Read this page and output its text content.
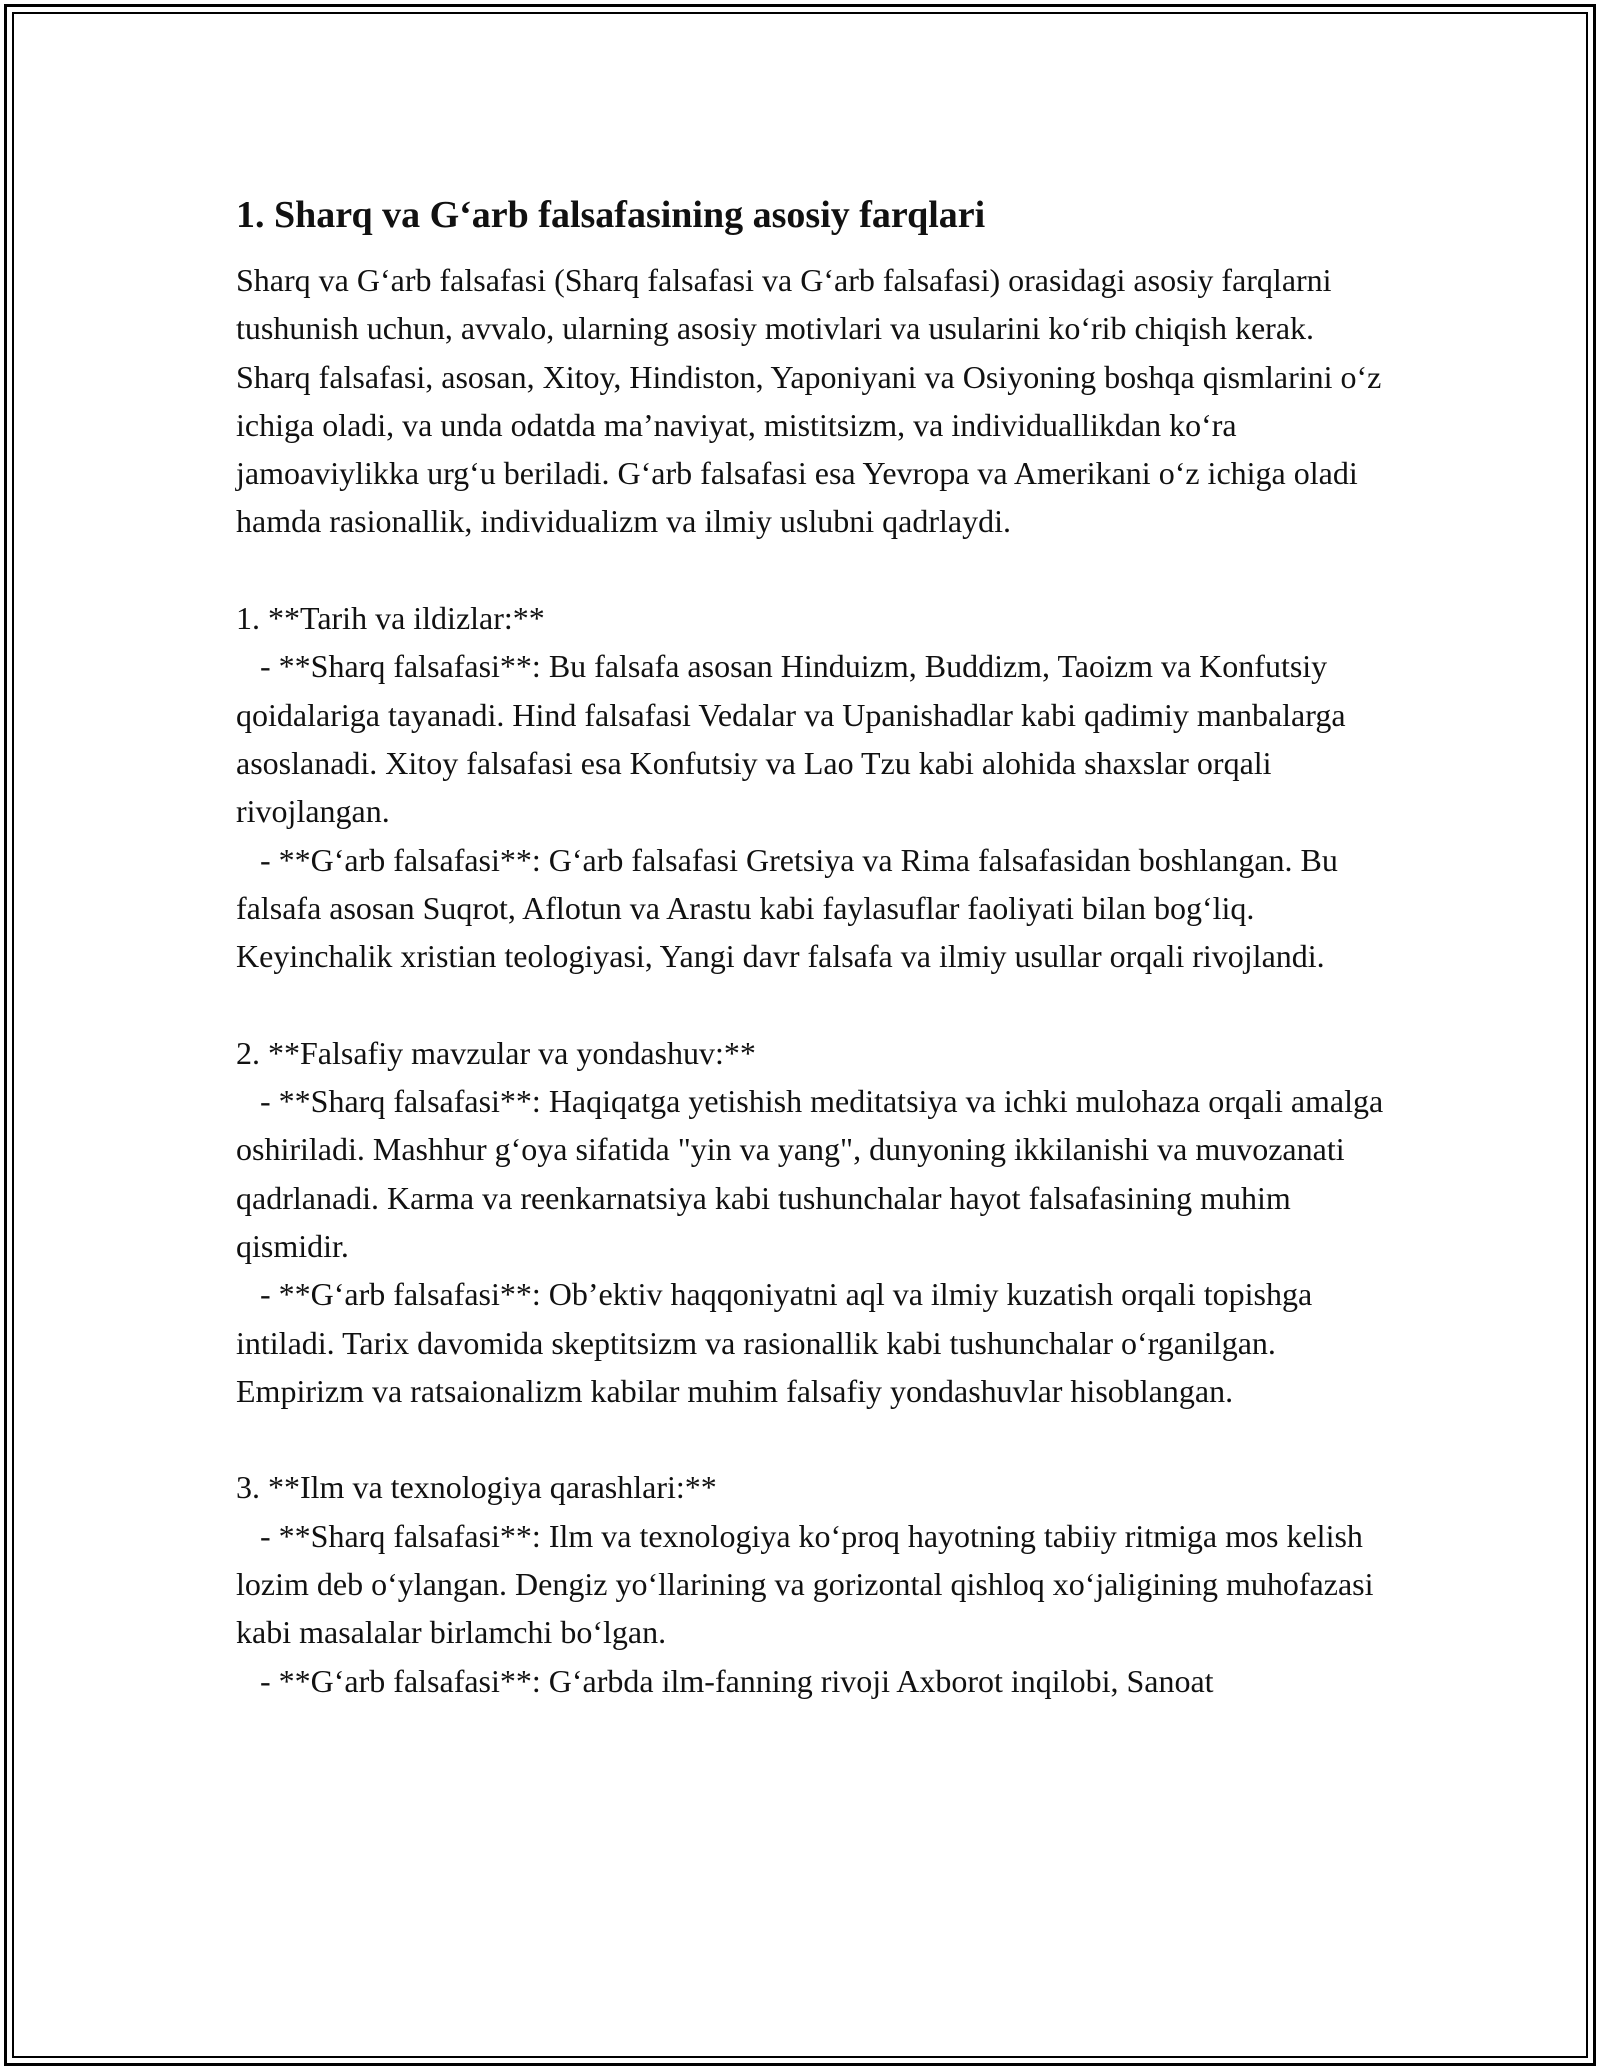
1. Sharq va G‘arb falsafasining asosiy farqlari

Sharq va G‘arb falsafasi (Sharq falsafasi va G‘arb falsafasi) orasidagi asosiy farqlarni tushunish uchun, avvalo, ularning asosiy motivlari va usularini ko‘rib chiqish kerak. Sharq falsafasi, asosan, Xitoy, Hindiston, Yaponiyani va Osiyoning boshqa qismlarini o‘z ichiga oladi, va unda odatda ma’naviyat, mistitsizm, va individuallikdan ko‘ra jamoaviylikka urg‘u beriladi. G‘arb falsafasi esa Yevropa va Amerikani o‘z ichiga oladi hamda rasionallik, individualizm va ilmiy uslubni qadrlaydi.

1. **Tarih va ildizlar:**

- **Sharq falsafasi**: Bu falsafa asosan Hinduizm, Buddizm, Taoizm va Konfutsiy qoidalariga tayanadi. Hind falsafasi Vedalar va Upanishadlar kabi qadimiy manbalarga asoslanadi. Xitoy falsafasi esa Konfutsiy va Lao Tzu kabi alohida shaxslar orqali rivojlangan.

- **G‘arb falsafasi**: G‘arb falsafasi Gretsiya va Rima falsafasidan boshlangan. Bu falsafa asosan Suqrot, Aflotun va Arastu kabi faylasuflar faoliyati bilan bog‘liq. Keyinchalik xristian teologiyasi, Yangi davr falsafa va ilmiy usullar orqali rivojlandi.

2. **Falsafiy mavzular va yondashuv:**

- **Sharq falsafasi**: Haqiqatga yetishish meditatsiya va ichki mulohaza orqali amalga oshiriladi. Mashhur g‘oya sifatida "yin va yang", dunyoning ikkilanishi va muvozanati qadrlanadi. Karma va reenkarnatsiya kabi tushunchalar hayot falsafasining muhim qismidir.

- **G‘arb falsafasi**: Ob’ektiv haqqoniyatni aql va ilmiy kuzatish orqali topishga intiladi. Tarix davomida skeptitsizm va rasionallik kabi tushunchalar o‘rganilgan. Empirizm va ratsaionalizm kabilar muhim falsafiy yondashuvlar hisoblangan.

3. **Ilm va texnologiya qarashlari:**

- **Sharq falsafasi**: Ilm va texnologiya ko‘proq hayotning tabiiy ritmiga mos kelish lozim deb o‘ylangan. Dengiz yo‘llarining va gorizontal qishloq xo‘jaligining muhofazasi kabi masalalar birlamchi bo‘lgan.

- **G‘arb falsafasi**: G‘arbda ilm-fanning rivoji Axborot inqilobi, Sanoat
